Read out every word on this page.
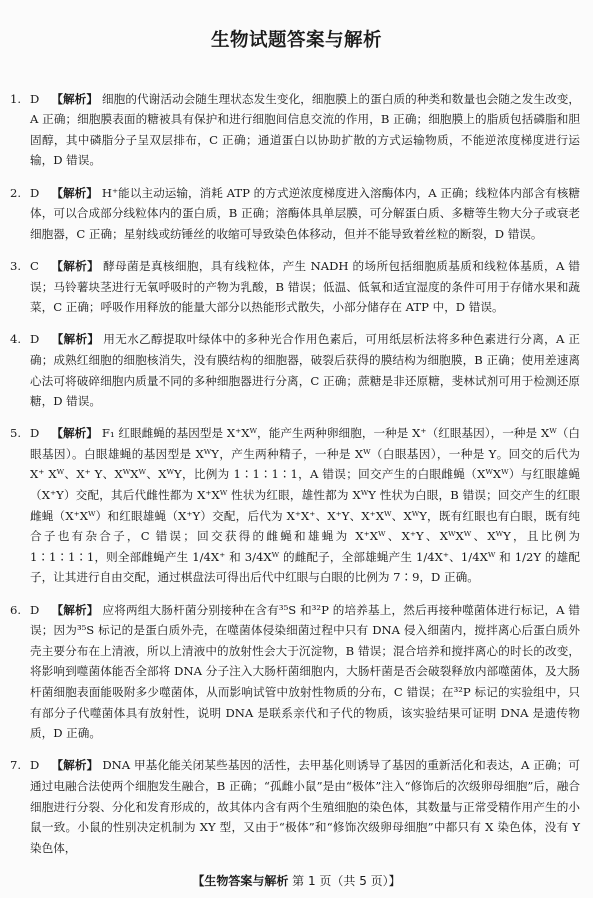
生物试题答案与解析

1. D 【解析】 细胞的代谢活动会随生理状态发生变化，细胞膜上的蛋白质的种类和数量也会随之发生改变，A 正确；细胞膜表面的糖被具有保护和进行细胞间信息交流的作用，B 正确；细胞膜上的脂质包括磷脂和胆固醇，其中磷脂分子呈双层排布，C 正确；通道蛋白以协助扩散的方式运输物质，不能逆浓度梯度进行运输，D 错误。

2. D 【解析】 H⁺能以主动运输，消耗 ATP 的方式逆浓度梯度进入溶酶体内，A 正确；线粒体内部含有核糖体，可以合成部分线粒体内的蛋白质，B 正确；溶酶体具单层膜，可分解蛋白质、多糖等生物大分子或衰老细胞器，C 正确；星射线或纺锤丝的收缩可导致染色体移动，但并不能导致着丝粒的断裂，D 错误。

3. C 【解析】 酵母菌是真核细胞，具有线粒体，产生 NADH 的场所包括细胞质基质和线粒体基质，A 错误；马铃薯块茎进行无氧呼吸时的产物为乳酸，B 错误；低温、低氧和适宜湿度的条件可用于存储水果和蔬菜，C 正确；呼吸作用释放的能量大部分以热能形式散失，小部分储存在 ATP 中，D 错误。

4. D 【解析】 用无水乙醇提取叶绿体中的多种光合作用色素后，可用纸层析法将多种色素进行分离，A 正确；成熟红细胞的细胞核消失，没有膜结构的细胞器，破裂后获得的膜结构为细胞膜，B 正确；使用差速离心法可将破碎细胞内质量不同的多种细胞器进行分离，C 正确；蔗糖是非还原糖，斐林试剂可用于检测还原糖，D 错误。

5. D 【解析】 F₁ 红眼雌蝇的基因型是 X⁺Xᵂ，能产生两种卵细胞，一种是 X⁺（红眼基因），一种是 Xᵂ（白眼基因）。白眼雄蝇的基因型是 XᵂY，产生两种精子，一种是 Xᵂ（白眼基因），一种是 Y。回交的后代为 X⁺ Xᵂ、X⁺ Y、XᵂXᵂ、XᵂY，比例为 1∶1∶1∶1，A 错误；回交产生的白眼雌蝇（XᵂXᵂ）与红眼雄蝇（X⁺Y）交配，其后代雌性都为 X⁺Xᵂ 性状为红眼，雄性都为 XᵂY 性状为白眼，B 错误；回交产生的红眼雌蝇（X⁺Xᵂ）和红眼雄蝇（X⁺Y）交配，后代为 X⁺X⁺、X⁺Y、X⁺Xᵂ、XᵂY，既有红眼也有白眼，既有纯合子也有杂合子，C 错误；回交获得的雌蝇和雄蝇为 X⁺Xᵂ、X⁺Y、XᵂXᵂ、XᵂY，且比例为 1∶1∶1∶1，则全部雌蝇产生 1/4X⁺ 和 3/4Xᵂ 的雌配子，全部雄蝇产生 1/4X⁺、1/4Xᵂ 和 1/2Y 的雄配子，让其进行自由交配，通过棋盘法可得出后代中红眼与白眼的比例为 7∶9，D 正确。

6. D 【解析】 应将两组大肠杆菌分别接种在含有³⁵S 和³²P 的培养基上，然后再接种噬菌体进行标记，A 错误；因为³⁵S 标记的是蛋白质外壳，在噬菌体侵染细菌过程中只有 DNA 侵入细菌内，搅拌离心后蛋白质外壳主要分布在上清液，所以上清液中的放射性会大于沉淀物，B 错误；混合培养和搅拌离心的时长的改变，将影响到噬菌体能否全部将 DNA 分子注入大肠杆菌细胞内，大肠杆菌是否会破裂释放内部噬菌体，及大肠杆菌细胞表面能吸附多少噬菌体，从而影响试管中放射性物质的分布，C 错误；在³²P 标记的实验组中，只有部分子代噬菌体具有放射性，说明 DNA 是联系亲代和子代的物质，该实验结果可证明 DNA 是遗传物质，D 正确。

7. D 【解析】 DNA 甲基化能关闭某些基因的活性，去甲基化则诱导了基因的重新活化和表达，A 正确；可通过电融合法使两个细胞发生融合，B 正确；“孤雌小鼠”是由“极体”注入“修饰后的次级卵母细胞”后，融合细胞进行分裂、分化和发育形成的，故其体内含有两个生殖细胞的染色体，其数量与正常受精作用产生的小鼠一致。小鼠的性别决定机制为 XY 型，又由于“极体”和“修饰次级卵母细胞”中都只有 X 染色体，没有 Y 染色体，

【生物答案与解析 第 1 页（共 5 页）】
